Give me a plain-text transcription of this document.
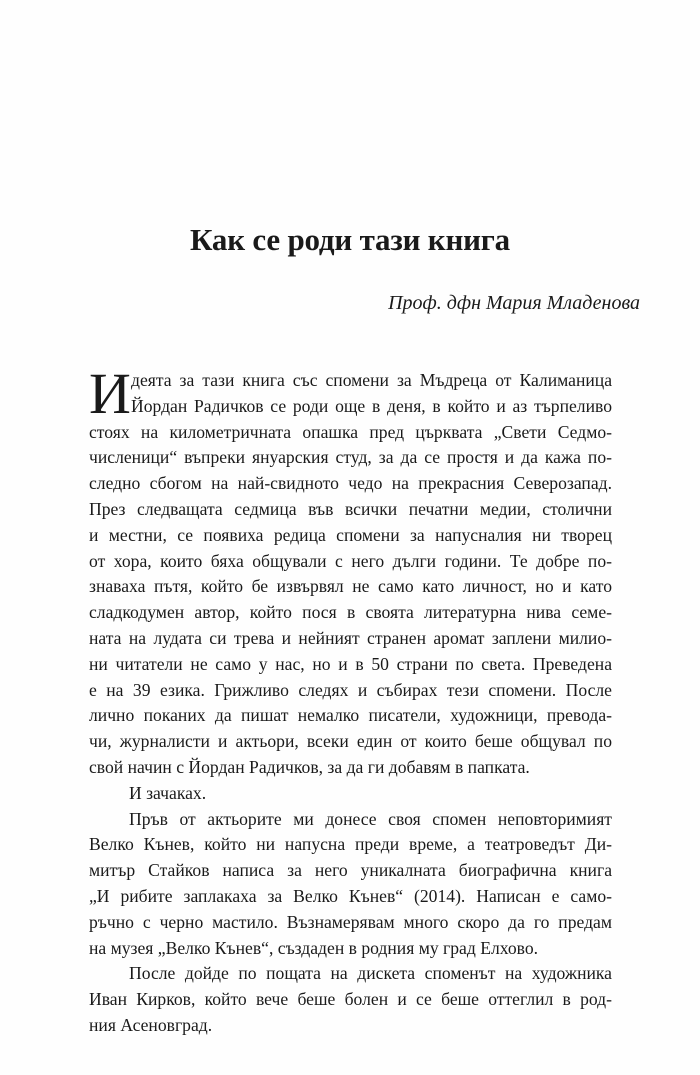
Как се роди тази книга

Проф. дфн Мария Младенова

И деята за тази книга със спомени за Мъдреца от Калиманица
Йордан Радичков се роди още в деня, в който и аз търпеливо
стоях на километричната опашка пред църквата „Свети Седмо-
численици“ въпреки януарския студ, за да се простя и да кажа по-
следно сбогом на най-свидното чедо на прекрасния Северозапад.
През следващата седмица във всички печатни медии, столични
и местни, се появиха редица спомени за напусналия ни творец
от хора, които бяха общували с него дълги години. Те добре по-
знаваха пътя, който бе извървял не само като личност, но и като
сладкодумен автор, който пося в своята литературна нива семе-
ната на лудата си трева и нейният странен аромат заплени милио-
ни читатели не само у нас, но и в 50 страни по света. Преведена
е на 39 езика. Грижливо следях и събирах тези спомени. После
лично поканих да пишат немалко писатели, художници, превода-
чи, журналисти и актьори, всеки един от които беше общувал по
свой начин с Йордан Радичков, за да ги добавям в папката.
И зачаках.
Пръв от актьорите ми донесе своя спомен неповторимият
Велко Кънев, който ни напусна преди време, а театроведът Ди-
митър Стайков написа за него уникалната биографична книга
„И рибите заплакаха за Велко Кънев“ (2014). Написан е само-
ръчно с черно мастило. Възнамерявам много скоро да го предам
на музея „Велко Кънев“, създаден в родния му град Елхово.
После дойде по пощата на дискета споменът на художника
Иван Кирков, който вече беше болен и се беше оттеглил в род-
ния Асеновград.
